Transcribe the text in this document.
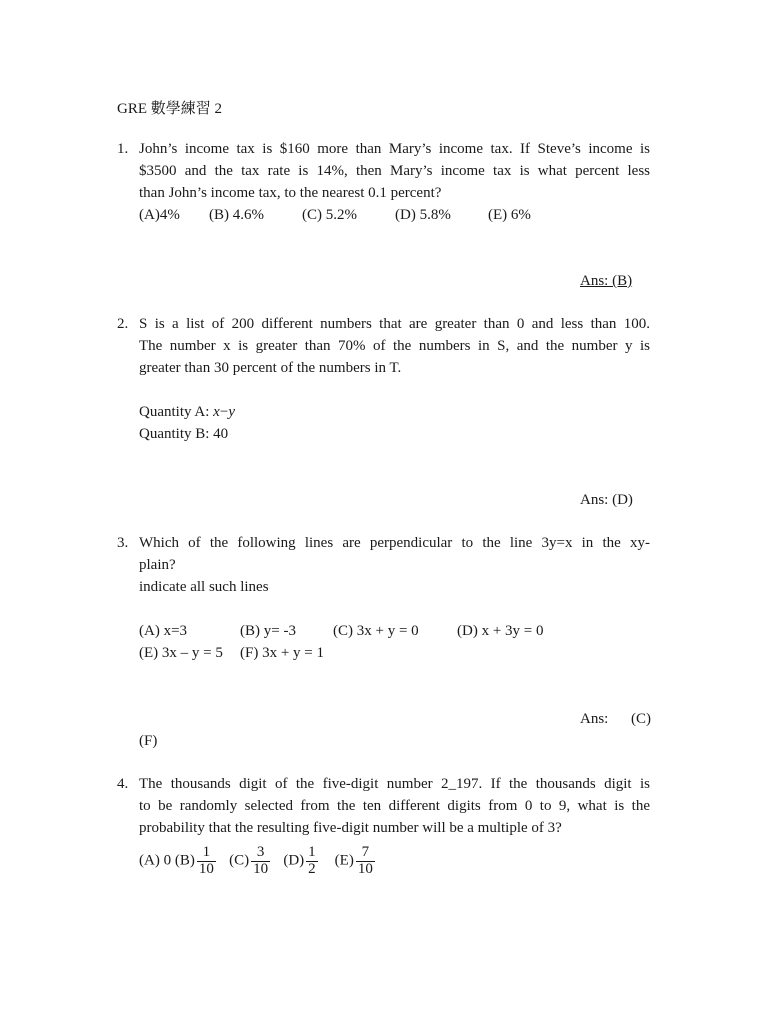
GRE 數學練習 2
1. John’s income tax is $160 more than Mary’s income tax. If Steve’s income is
$3500 and the tax rate is 14%, then Mary’s income tax is what percent less
than John’s income tax, to the nearest 0.1 percent?
(A)4% (B) 4.6%	(C) 5.2%	(D) 5.8% (E) 6%
Ans: (B)
2. S is a list of 200 different numbers that are greater than 0 and less than 100.
The number x is greater than 70% of the numbers in S, and the number y is
greater than 30 percent of the numbers in T.
Quantity A: x−y
Quantity B: 40
Ans: (D)
3. Which of the following lines are perpendicular to the line 3y=x in the xy-
plain?
indicate all such lines
(A) x=3	(B) y= -3 (C) 3x + y = 0	(D) x + 3y = 0
(E) 3x – y = 5 (F) 3x + y = 1
Ans: (C)
(F)
4. The thousands digit of the five-digit number 2_197. If the thousands digit is
to be randomly selected from the ten different digits from 0 to 9, what is the
probability that the resulting five-digit number will be a multiple of 3?
(A) 0 $(B) \frac{1}{10} (C) \frac{3}{10} (D) \frac{1}{2} (E) \frac{7}{10}$
